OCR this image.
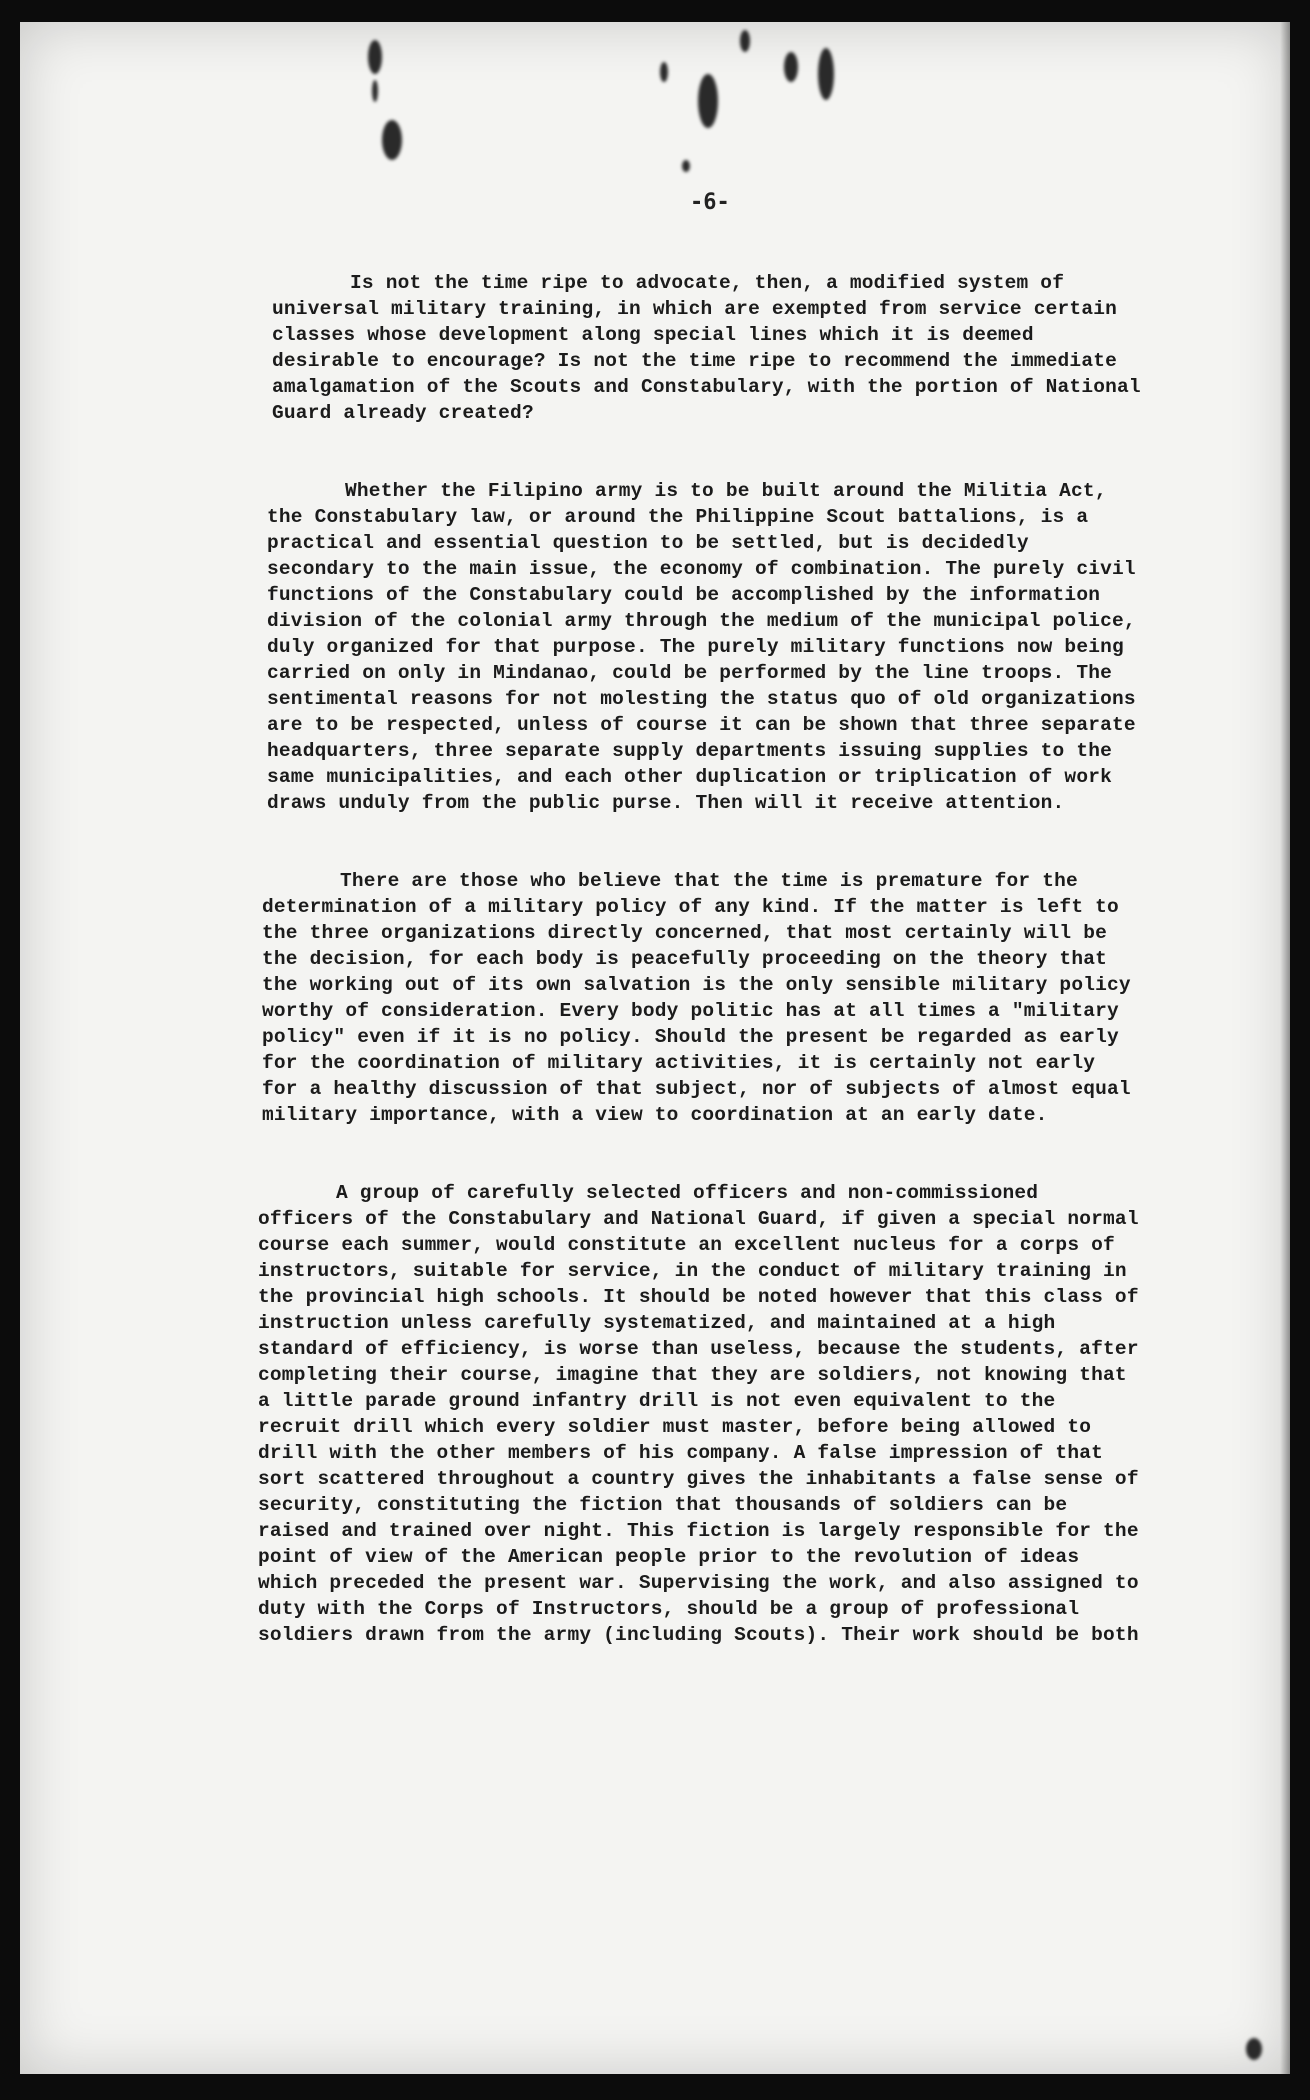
-6-

Is not the time ripe to advocate, then, a modified system of universal military training, in which are exempted from service certain classes whose development along special lines which it is deemed desirable to encourage? Is not the time ripe to recommend the immediate amalgamation of the Scouts and Constabulary, with the portion of National Guard already created?

Whether the Filipino army is to be built around the Militia Act, the Constabulary law, or around the Philippine Scout battalions, is a practical and essential question to be settled, but is decidedly secondary to the main issue, the economy of combination. The purely civil functions of the Constabulary could be accomplished by the information division of the colonial army through the medium of the municipal police, duly organized for that purpose. The purely military functions now being carried on only in Mindanao, could be performed by the line troops. The sentimental reasons for not molesting the status quo of old organizations are to be respected, unless of course it can be shown that three separate headquarters, three separate supply departments issuing supplies to the same municipalities, and each other duplication or triplication of work draws unduly from the public purse. Then will it receive attention.

There are those who believe that the time is premature for the determination of a military policy of any kind. If the matter is left to the three organizations directly concerned, that most certainly will be the decision, for each body is peacefully proceeding on the theory that the working out of its own salvation is the only sensible military policy worthy of consideration. Every body politic has at all times a "military policy" even if it is no policy. Should the present be regarded as early for the coordination of military activities, it is certainly not early for a healthy discussion of that subject, nor of subjects of almost equal military importance, with a view to coordination at an early date.

A group of carefully selected officers and non-commissioned officers of the Constabulary and National Guard, if given a special normal course each summer, would constitute an excellent nucleus for a corps of instructors, suitable for service, in the conduct of military training in the provincial high schools. It should be noted however that this class of instruction unless carefully systematized, and maintained at a high standard of efficiency, is worse than useless, because the students, after completing their course, imagine that they are soldiers, not knowing that a little parade ground infantry drill is not even equivalent to the recruit drill which every soldier must master, before being allowed to drill with the other members of his company. A false impression of that sort scattered throughout a country gives the inhabitants a false sense of security, constituting the fiction that thousands of soldiers can be raised and trained over night. This fiction is largely responsible for the point of view of the American people prior to the revolution of ideas which preceded the present war. Supervising the work, and also assigned to duty with the Corps of Instructors, should be a group of professional soldiers drawn from the army (including Scouts). Their work should be both
